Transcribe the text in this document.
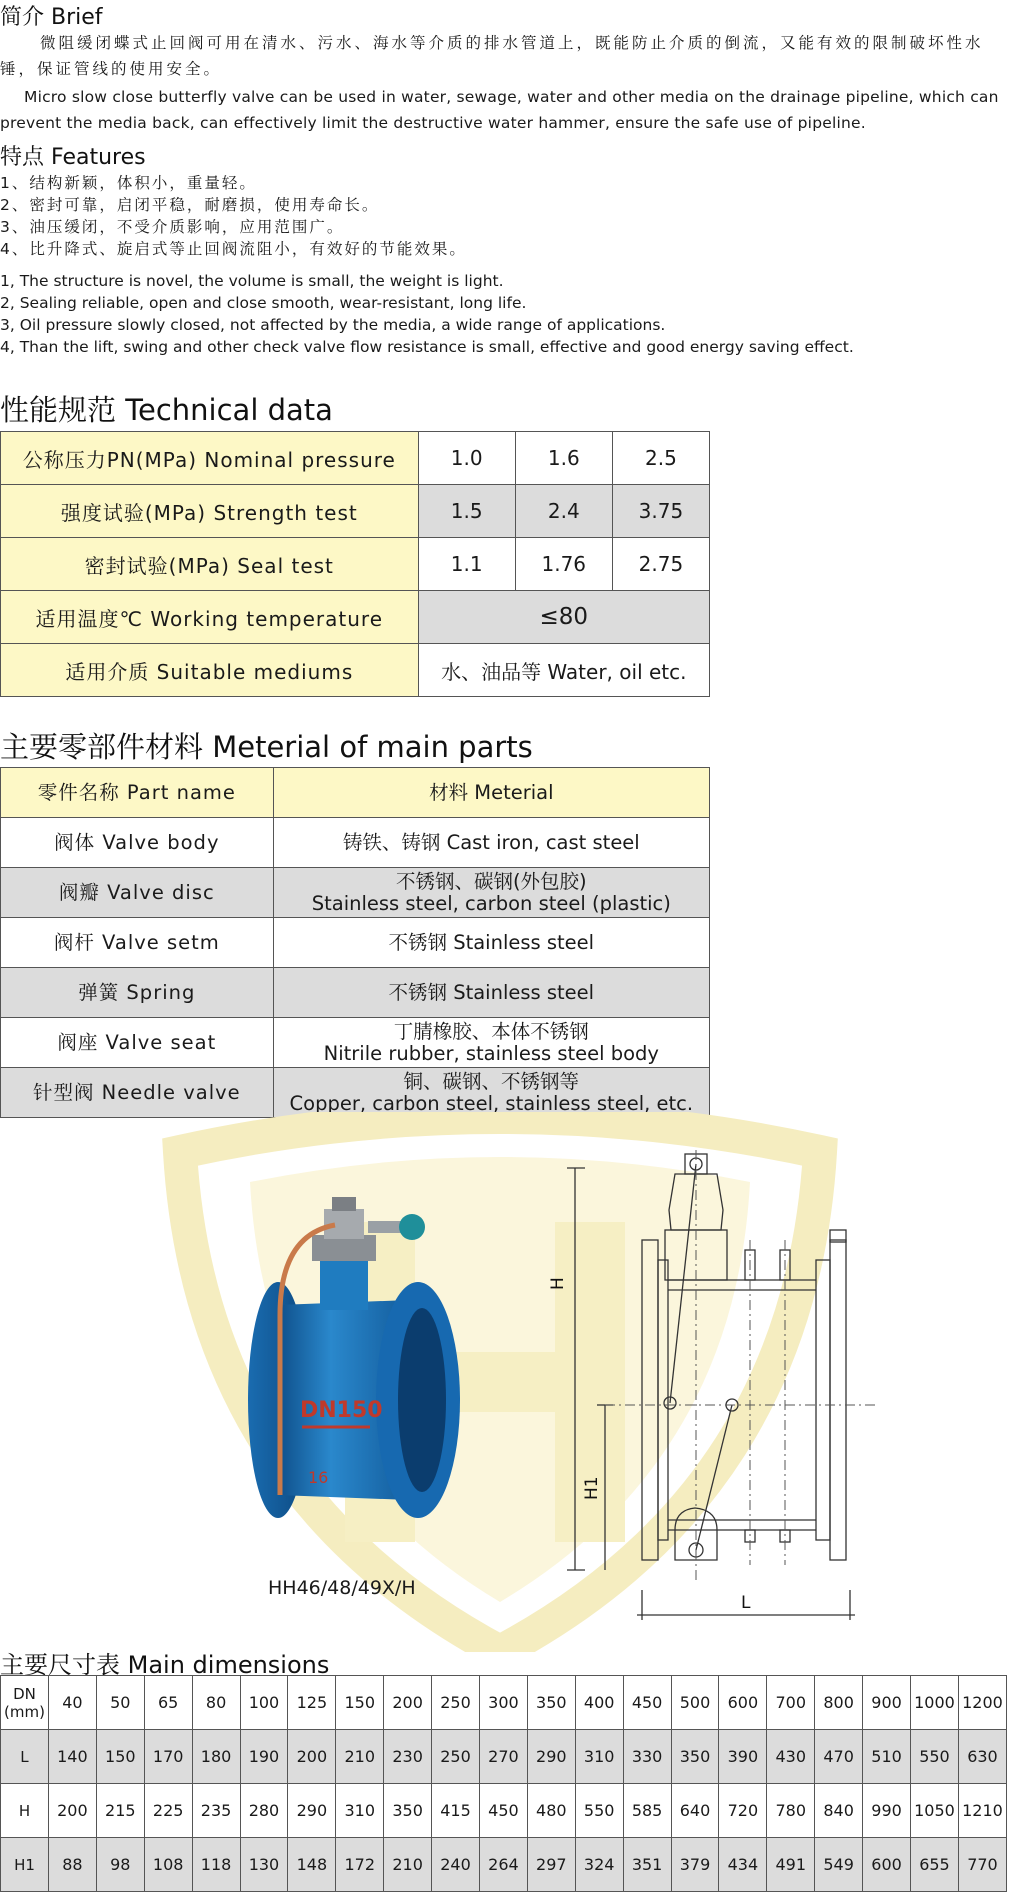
简介 Brief
微阻缓闭蝶式止回阀可用在清水、污水、海水等介质的排水管道上，既能防止介质的倒流，又能有效的限制破坏性水锤，保证管线的使用安全。
Micro slow close butterfly valve can be used in water, sewage, water and other media on the drainage pipeline, which can prevent the media back, can effectively limit the destructive water hammer, ensure the safe use of pipeline.
特点 Features
1、结构新颖，体积小，重量轻。
2、密封可靠，启闭平稳，耐磨损，使用寿命长。
3、油压缓闭，不受介质影响，应用范围广。
4、比升降式、旋启式等止回阀流阻小，有效好的节能效果。
1, The structure is novel, the volume is small, the weight is light.
2, Sealing reliable, open and close smooth, wear-resistant, long life.
3, Oil pressure slowly closed, not affected by the media, a wide range of applications.
4, Than the lift, swing and other check valve flow resistance is small, effective and good energy saving effect.
性能规范 Technical data
公称压力PN(MPa) Nominal pressure	1.0	1.6	2.5
强度试验(MPa) Strength test	1.5	2.4	3.75
密封试验(MPa) Seal test	1.1	1.76	2.75
适用温度℃ Working temperature	≤80		
适用介质 Suitable mediums	水、油品等 Water, oil etc.		
主要零部件材料 Meterial of main parts
零件名称 Part name	材料 Meterial
阀体 Valve body	铸铁、铸钢 Cast iron, cast steel

阀瓣 Valve disc	不锈钢、碳钢(外包胶)
Stainless steel, carbon steel (plastic)

阀杆 Valve setm	不锈钢 Stainless steel

弹簧 Spring	不锈钢 Stainless steel

阀座 Valve seat	丁腈橡胶、本体不锈钢
Nitrile rubber, stainless steel body

针型阀 Needle valve	铜、碳钢、不锈钢等
Copper, carbon steel, stainless steel, etc.
DN150
16
HH46/48/49X/H
H
H1
L
主要尺寸表 Main dimensions
DN
(mm)	40	50	65	80	100	125	150	200	250	300	350	400	450	500	600	700	800	900	1000	1200
L	140	150	170	180	190	200	210	230	250	270	290	310	330	350	390	430	470	510	550	630
H	200	215	225	235	280	290	310	350	415	450	480	550	585	640	720	780	840	990	1050	1210
H1	88	98	108	118	130	148	172	210	240	264	297	324	351	379	434	491	549	600	655	770
